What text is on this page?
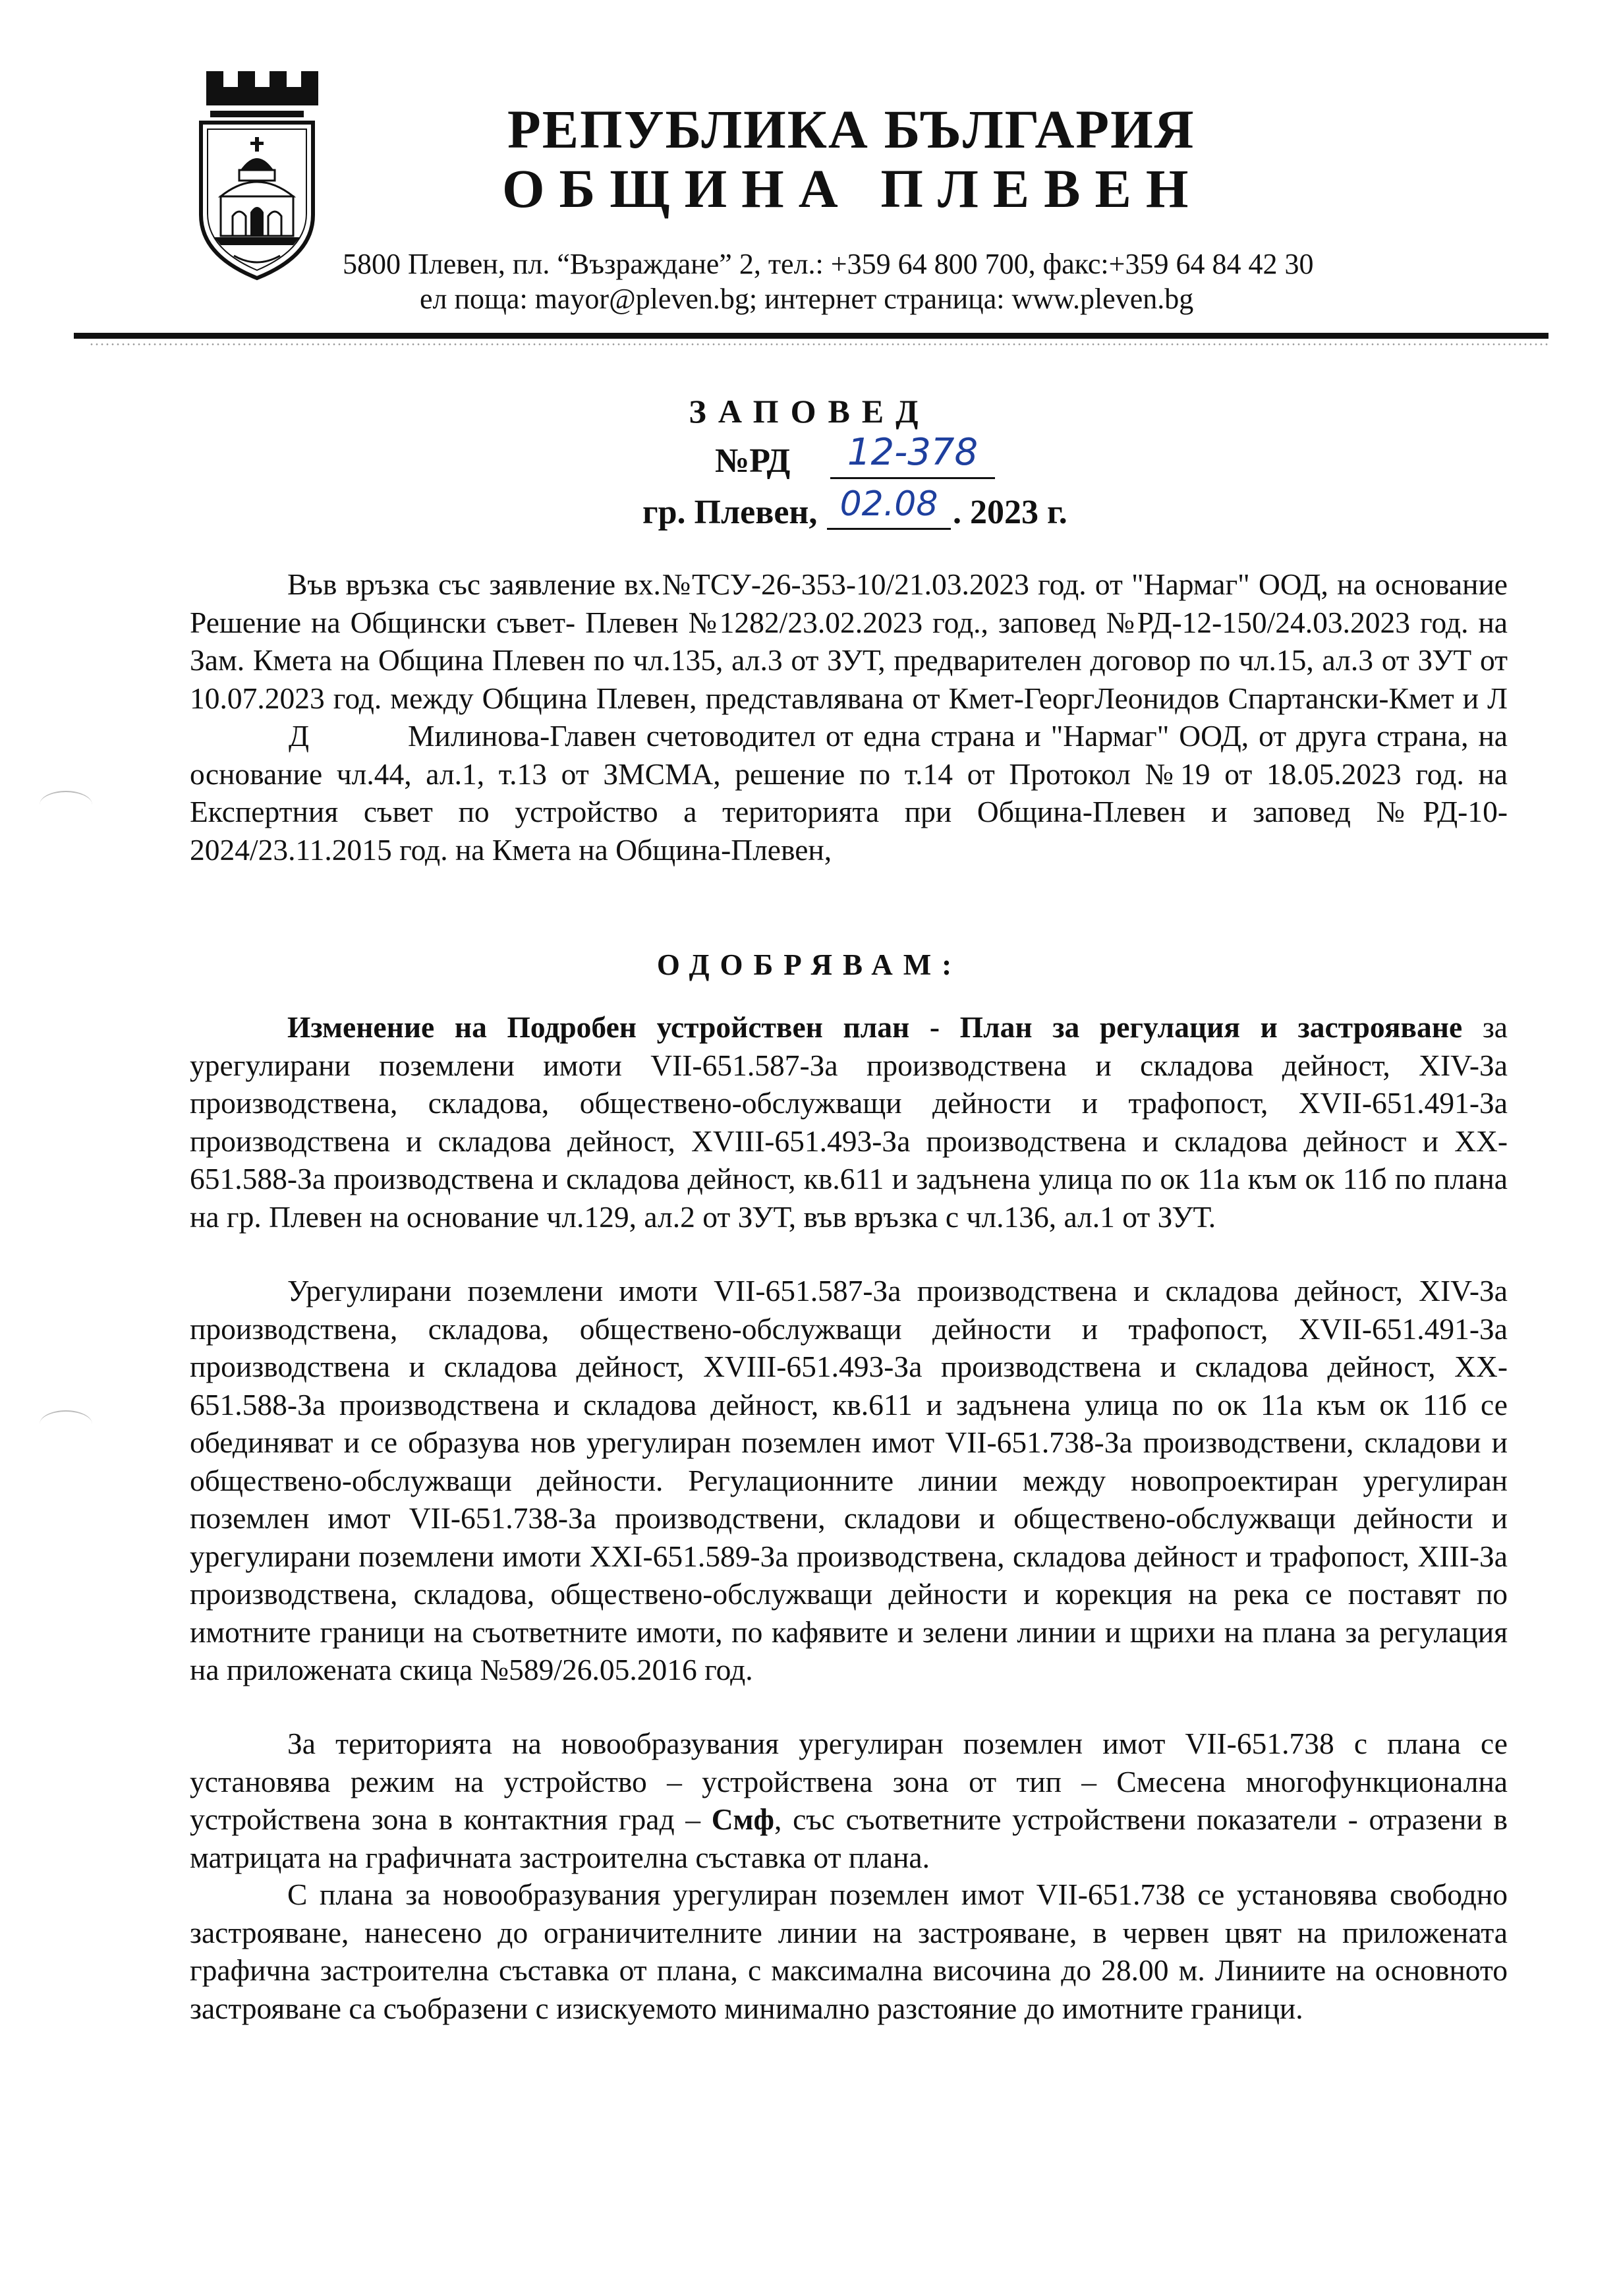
РЕПУБЛИКА БЪЛГАРИЯ
ОБЩИНА ПЛЕВЕН
5800 Плевен, пл. “Възраждане” 2, тел.: +359 64 800 700, факс:+359 64 84 42 30
ел поща: mayor@pleven.bg; интернет страница: www.pleven.bg
ЗАПОВЕД
№РД	12-378
гр. Плевен, 02.08 . 2023 г.

Във връзка със заявление вх.№ТСУ-26-353-10/21.03.2023 год. от "Нармаг" ООД, на основание Решение на Общински съвет- Плевен №1282/23.02.2023 год., заповед №РД-12-150/24.03.2023 год. на Зам. Кмета на Община Плевен по чл.135, ал.3 от ЗУТ, предварителен договор по чл.15, ал.3 от ЗУТ от 10.07.2023 год. между Община Плевен, представлявана от Кмет-ГеоргЛеонидов Спартански-Кмет и ЛД	Милинова-Главен счетоводител от една страна и "Нармаг" ООД, от друга страна, на основание чл.44, ал.1, т.13 от ЗМСМА, решение по т.14 от Протокол №19 от 18.05.2023 год. на Експертния съвет по устройство а територията при Община-Плевен и заповед №РД-10-2024/23.11.2015 год. на Кмета на Община-Плевен,

ОДОБРЯВАМ:

Изменение на Подробен устройствен план - План за регулация и застрояване за урегулирани поземлени имоти VII-651.587-За производствена и складова дейност, XIV-За производствена, складова, обществено-обслужващи дейности и трафопост, XVII-651.491-За производствена и складова дейност, XVIII-651.493-За производствена и складова дейност и XX-651.588-За производствена и складова дейност, кв.611 и задънена улица по ок 11а към ок 11б по плана на гр. Плевен на основание чл.129, ал.2 от ЗУТ, във връзка с чл.136, ал.1 от ЗУТ.

Урегулирани поземлени имоти VII-651.587-За производствена и складова дейност, XIV-За производствена, складова, обществено-обслужващи дейности и трафопост, XVII-651.491-За производствена и складова дейност, XVIII-651.493-За производствена и складова дейност, XX-651.588-За производствена и складова дейност, кв.611 и задънена улица по ок 11а към ок 11б се обединяват и се образува нов урегулиран поземлен имот VII-651.738-За производствени, складови и обществено-обслужващи дейности. Регулационните линии между новопроектиран урегулиран поземлен имот VII-651.738-За производствени, складови и обществено-обслужващи дейности и урегулирани поземлени имоти XXI-651.589-За производствена, складова дейност и трафопост, XIII-За производствена, складова, обществено-обслужващи дейности и корекция на река се поставят по имотните граници на съответните имоти, по кафявите и зелени линии и щрихи на плана за регулация на приложената скица №589/26.05.2016 год.

За територията на новообразувания урегулиран поземлен имот VII-651.738 с плана се установява режим на устройство – устройствена зона от тип – Смесена многофункционална устройствена зона в контактния град – Смф, със съответните устройствени показатели - отразени в матрицата на графичната застроителна съставка от плана.

С плана за новообразувания урегулиран поземлен имот VII-651.738 се установява свободно застрояване, нанесено до ограничителните линии на застрояване, в червен цвят на приложената графична застроителна съставка от плана, с максимална височина до 28.00 м. Линиите на основното застрояване са съобразени с изискуемото минимално разстояние до имотните граници.
